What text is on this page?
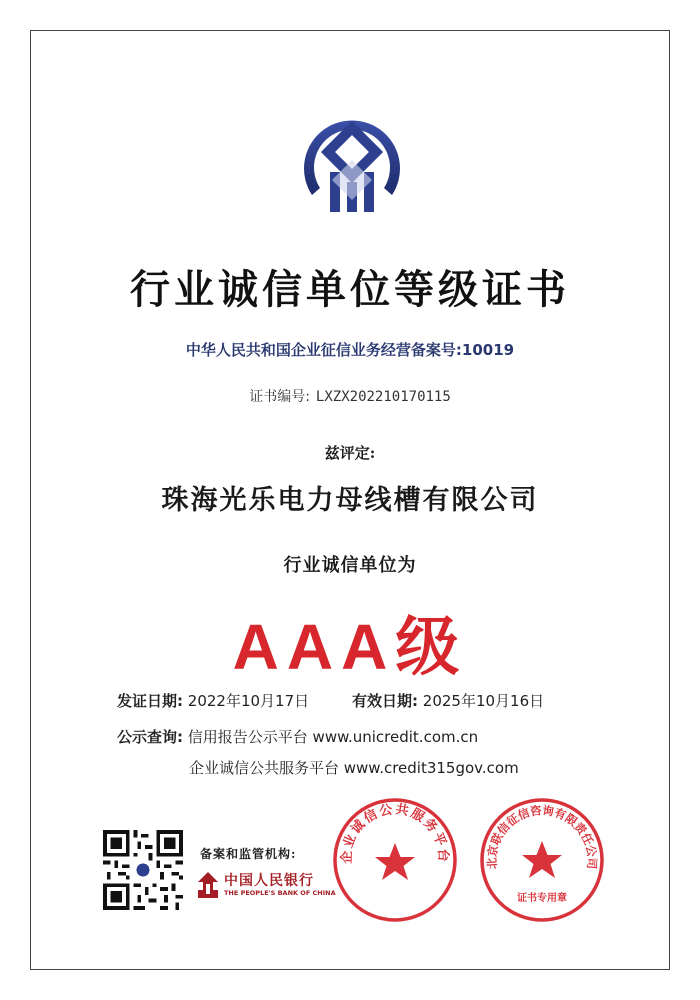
行业诚信单位等级证书
中华人民共和国企业征信业务经营备案号:10019
证书编号: LXZX202210170115
兹评定:
珠海光乐电力母线槽有限公司
行业诚信单位为
AAA级
发证日期: 2022年10月17日	有效日期: 2025年10月16日
公示查询: 信用报告公示平台 www.unicredit.com.cn
企业诚信公共服务平台 www.credit315gov.com
备案和监管机构:
中国人民银行
THE PEOPLE'S BANK OF CHINA
企业诚信公共服务平台	北京联信征信咨询有限责任公司
证书专用章
